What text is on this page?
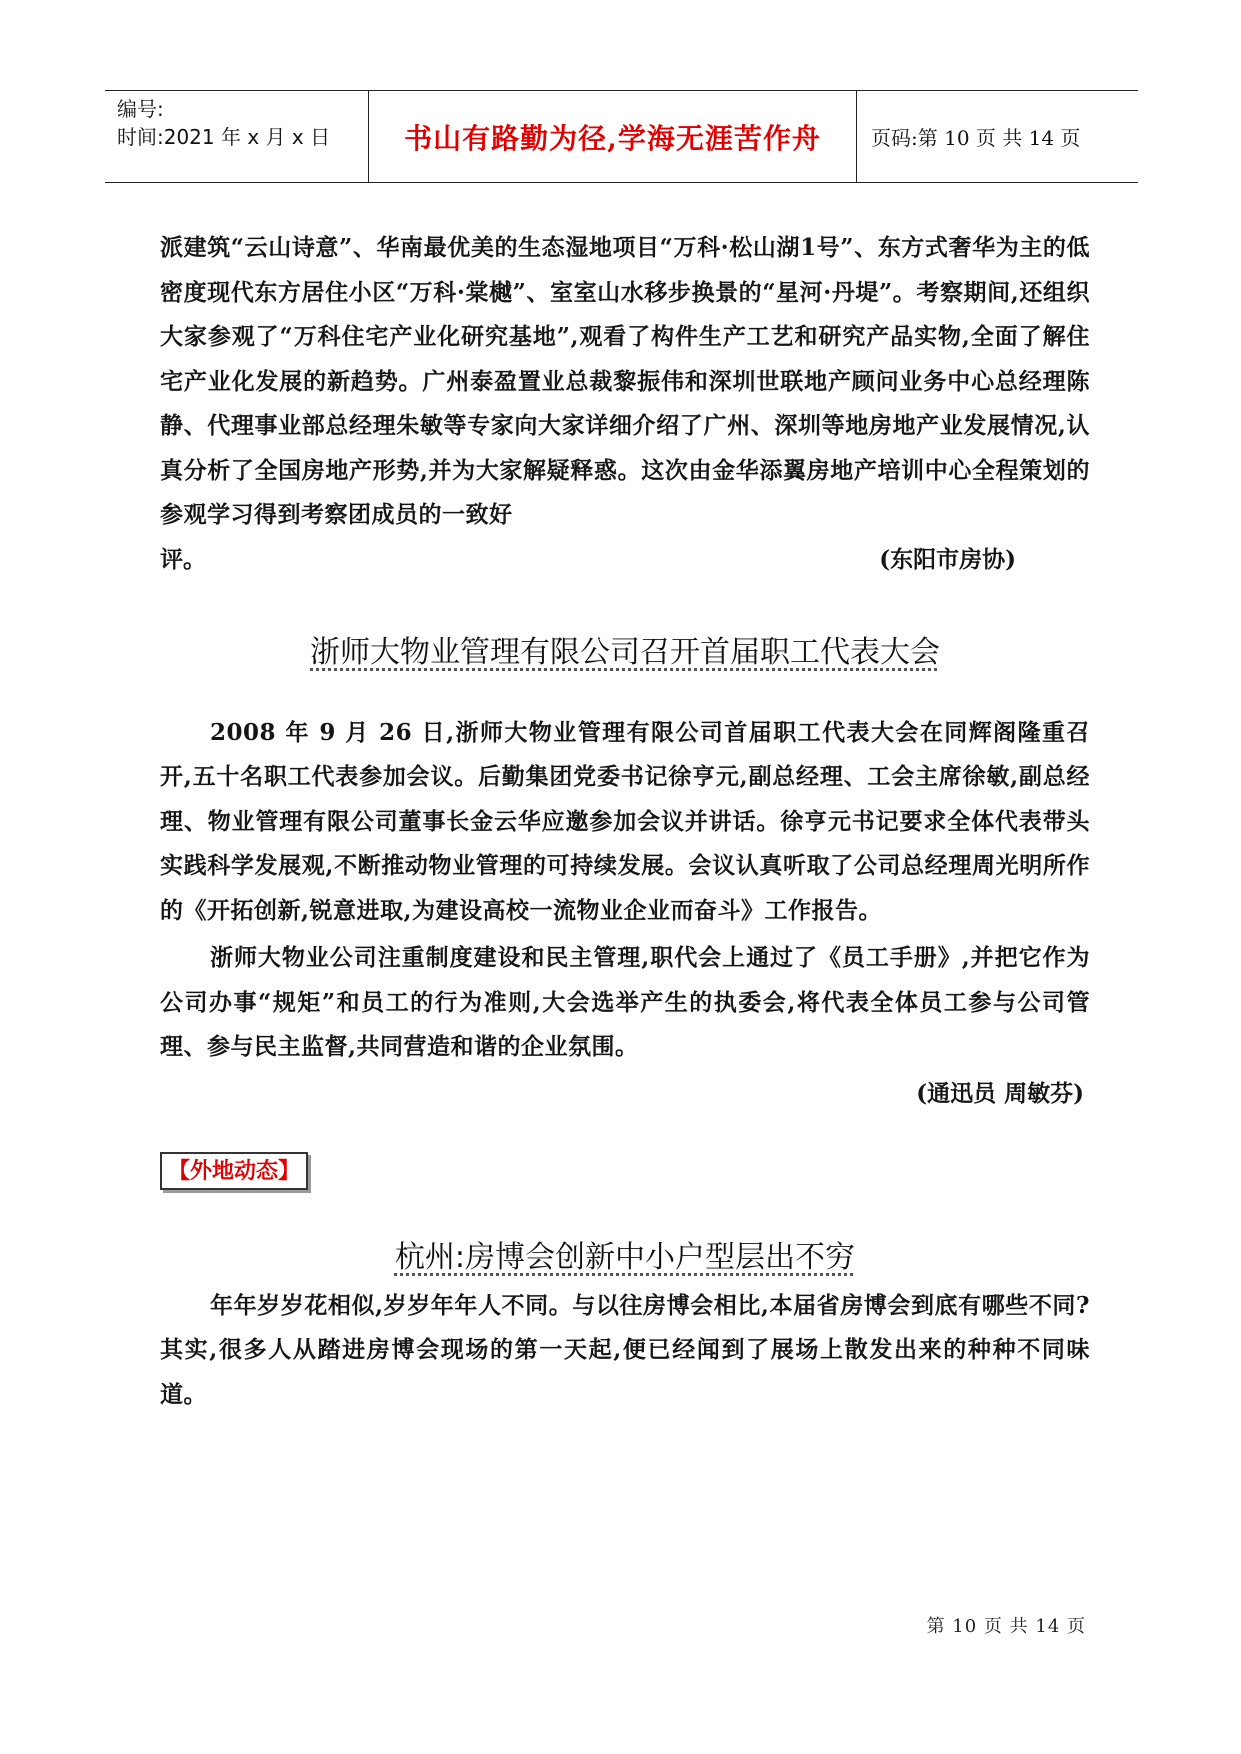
编号:
时间:2021 年 x 月 x 日	书山有路勤为径,学海无涯苦作舟	页码:第 10 页 共 14 页

派建筑“云山诗意”、华南最优美的生态湿地项目“万科·松山湖1号”、东方式奢华为主的低密度现代东方居住小区“万科·棠樾”、室室山水移步换景的“星河·丹堤”。考察期间,还组织大家参观了“万科住宅产业化研究基地”,观看了构件生产工艺和研究产品实物,全面了解住宅产业化发展的新趋势。广州泰盈置业总裁黎振伟和深圳世联地产顾问业务中心总经理陈静、代理事业部总经理朱敏等专家向大家详细介绍了广州、深圳等地房地产业发展情况,认真分析了全国房地产形势,并为大家解疑释惑。这次由金华添翼房地产培训中心全程策划的参观学习得到考察团成员的一致好

评。	(东阳市房协)
浙师大物业管理有限公司召开首届职工代表大会

2008 年 9 月 26 日,浙师大物业管理有限公司首届职工代表大会在同辉阁隆重召开,五十名职工代表参加会议。后勤集团党委书记徐亨元,副总经理、工会主席徐敏,副总经理、物业管理有限公司董事长金云华应邀参加会议并讲话。徐亨元书记要求全体代表带头实践科学发展观,不断推动物业管理的可持续发展。会议认真听取了公司总经理周光明所作的《开拓创新,锐意进取,为建设高校一流物业企业而奋斗》工作报告。

浙师大物业公司注重制度建设和民主管理,职代会上通过了《员工手册》,并把它作为公司办事“规矩”和员工的行为准则,大会选举产生的执委会,将代表全体员工参与公司管理、参与民主监督,共同营造和谐的企业氛围。

(通迅员 周敏芬)
【外地动态】
杭州:房博会创新中小户型层出不穷

年年岁岁花相似,岁岁年年人不同。与以往房博会相比,本届省房博会到底有哪些不同?其实,很多人从踏进房博会现场的第一天起,便已经闻到了展场上散发出来的种种不同味道。

第 10 页 共 14 页
